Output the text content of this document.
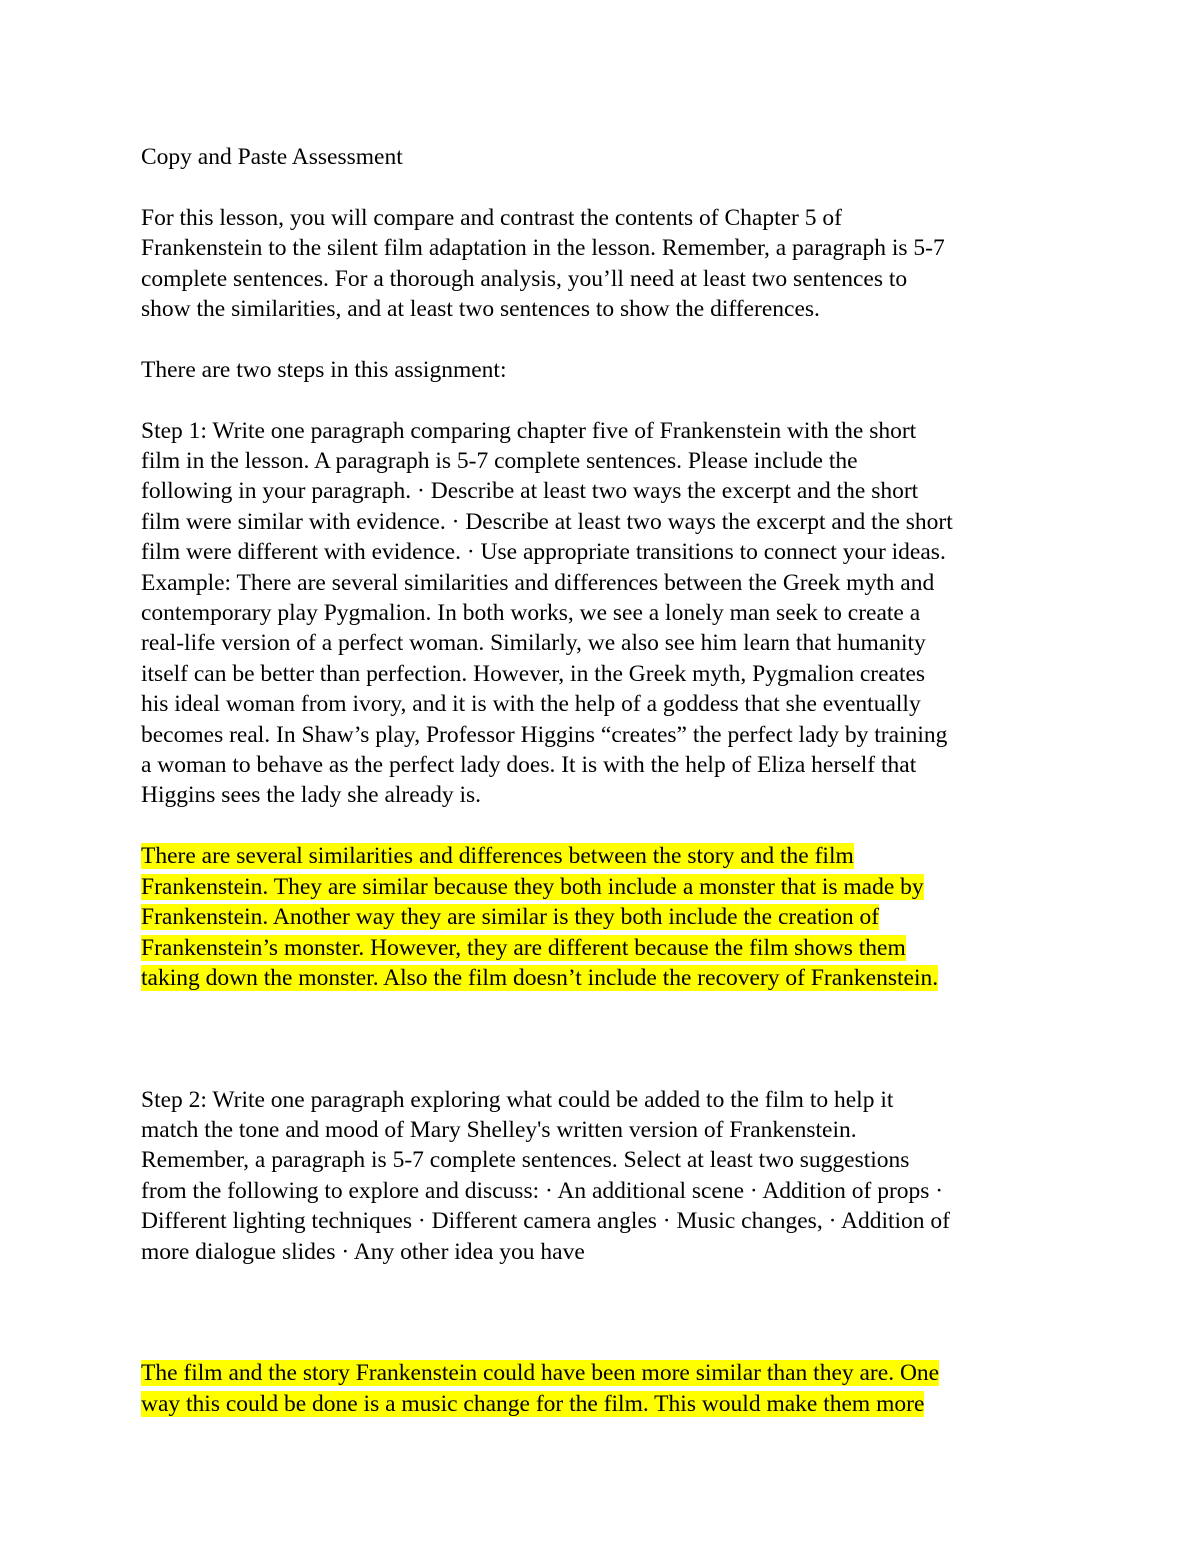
Copy and Paste Assessment
For this lesson, you will compare and contrast the contents of Chapter 5 of
Frankenstein to the silent film adaptation in the lesson. Remember, a paragraph is 5-7
complete sentences. For a thorough analysis, you’ll need at least two sentences to
show the similarities, and at least two sentences to show the differences.
There are two steps in this assignment:
Step 1: Write one paragraph comparing chapter five of Frankenstein with the short
film in the lesson. A paragraph is 5-7 complete sentences. Please include the
following in your paragraph. · Describe at least two ways the excerpt and the short
film were similar with evidence. · Describe at least two ways the excerpt and the short
film were different with evidence. · Use appropriate transitions to connect your ideas.
Example: There are several similarities and differences between the Greek myth and
contemporary play Pygmalion. In both works, we see a lonely man seek to create a
real-life version of a perfect woman. Similarly, we also see him learn that humanity
itself can be better than perfection. However, in the Greek myth, Pygmalion creates
his ideal woman from ivory, and it is with the help of a goddess that she eventually
becomes real. In Shaw’s play, Professor Higgins “creates” the perfect lady by training
a woman to behave as the perfect lady does. It is with the help of Eliza herself that
Higgins sees the lady she already is.
There are several similarities and differences between the story and the film
Frankenstein. They are similar because they both include a monster that is made by
Frankenstein. Another way they are similar is they both include the creation of
Frankenstein’s monster. However, they are different because the film shows them
taking down the monster. Also the film doesn’t include the recovery of Frankenstein.
Step 2: Write one paragraph exploring what could be added to the film to help it
match the tone and mood of Mary Shelley's written version of Frankenstein.
Remember, a paragraph is 5-7 complete sentences. Select at least two suggestions
from the following to explore and discuss: · An additional scene · Addition of props ·
Different lighting techniques · Different camera angles · Music changes, · Addition of
more dialogue slides · Any other idea you have
The film and the story Frankenstein could have been more similar than they are. One
way this could be done is a music change for the film. This would make them more
